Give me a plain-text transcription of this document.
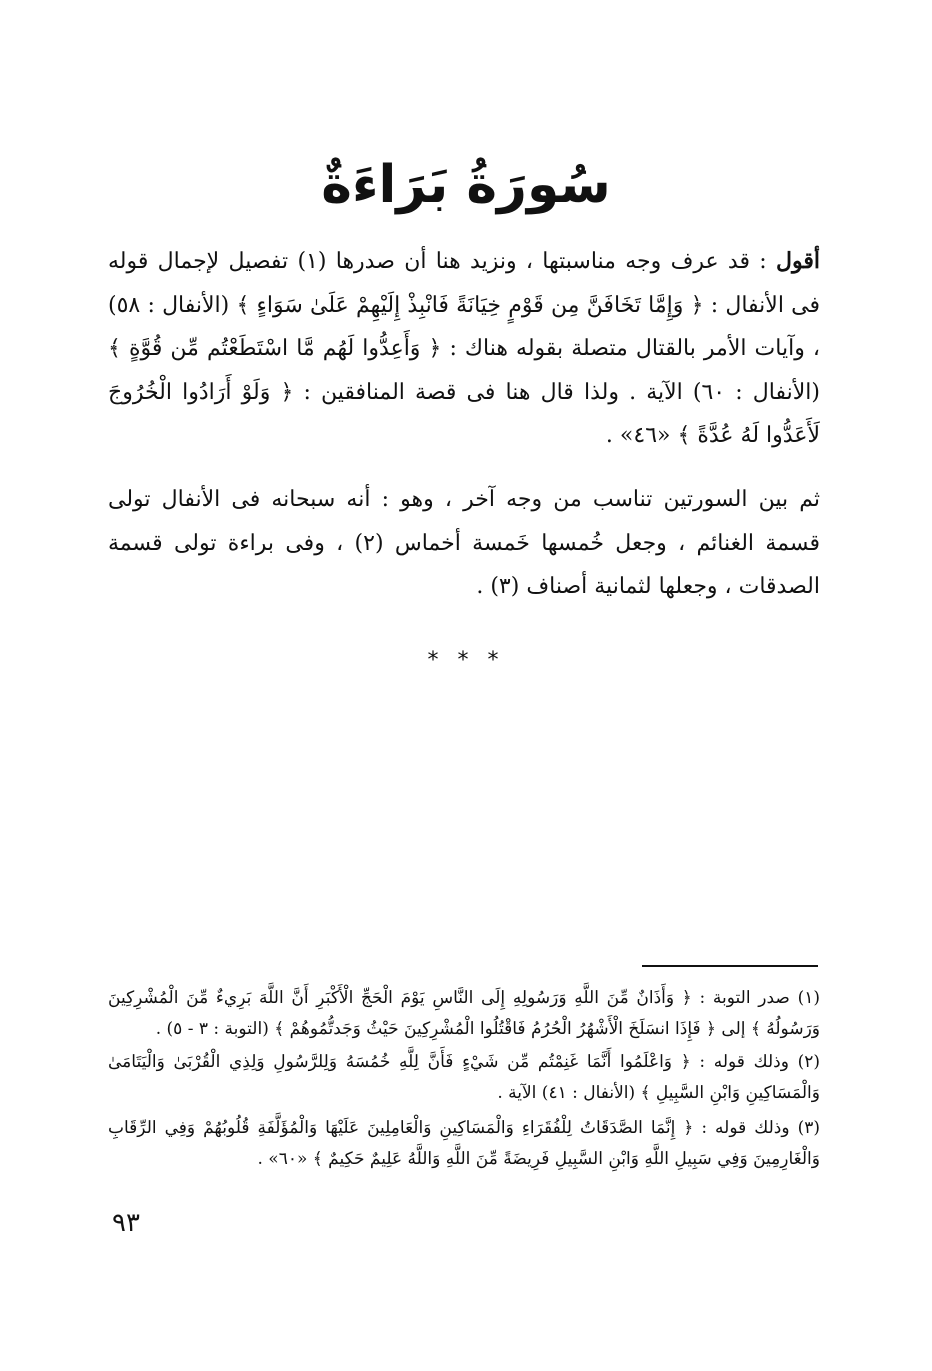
سُورَةُ بَرَاءَةٌ
أقول : قد عرف وجه مناسبتها ، ونزيد هنا أن صدرها (١) تفصيل لإجمال قوله فى الأنفال : ﴿ وَإِمَّا تَخَافَنَّ مِن قَوْمٍ خِيَانَةً فَانْبِذْ إِلَيْهِمْ عَلَىٰ سَوَاءٍ ﴾ (الأنفال : ٥٨) ، وآيات الأمر بالقتال متصلة بقوله هناك : ﴿ وَأَعِدُّوا لَهُم مَّا اسْتَطَعْتُم مِّن قُوَّةٍ ﴾ (الأنفال : ٦٠) الآية . ولذا قال هنا فى قصة المنافقين : ﴿ وَلَوْ أَرَادُوا الْخُرُوجَ لَأَعَدُّوا لَهُ عُدَّةً ﴾ «٤٦» .
ثم بين السورتين تناسب من وجه آخر ، وهو : أنه سبحانه فى الأنفال تولى قسمة الغنائم ، وجعل خُمسها خَمسة أخماس (٢) ، وفى براءة تولى قسمة الصدقات ، وجعلها لثمانية أصناف (٣) .
* * *
(١) صدر التوبة : ﴿ وَأَذَانٌ مِّنَ اللَّهِ وَرَسُولِهِ إِلَى النَّاسِ يَوْمَ الْحَجِّ الْأَكْبَرِ أَنَّ اللَّهَ بَرِيءٌ مِّنَ الْمُشْرِكِينَ وَرَسُولُهُ ﴾ إلى ﴿ فَإِذَا انسَلَخَ الْأَشْهُرُ الْحُرُمُ فَاقْتُلُوا الْمُشْرِكِينَ حَيْثُ وَجَدتُّمُوهُمْ ﴾ (التوبة : ٣ - ٥) .
(٢) وذلك قوله : ﴿ وَاعْلَمُوا أَنَّمَا غَنِمْتُم مِّن شَيْءٍ فَأَنَّ لِلَّهِ خُمُسَهُ وَلِلرَّسُولِ وَلِذِي الْقُرْبَىٰ وَالْيَتَامَىٰ وَالْمَسَاكِينِ وَابْنِ السَّبِيلِ ﴾ (الأنفال : ٤١) الآية .
(٣) وذلك قوله : ﴿ إِنَّمَا الصَّدَقَاتُ لِلْفُقَرَاءِ وَالْمَسَاكِينِ وَالْعَامِلِينَ عَلَيْهَا وَالْمُؤَلَّفَةِ قُلُوبُهُمْ وَفِي الرِّقَابِ وَالْغَارِمِينَ وَفِي سَبِيلِ اللَّهِ وَابْنِ السَّبِيلِ فَرِيضَةً مِّنَ اللَّهِ وَاللَّهُ عَلِيمٌ حَكِيمٌ ﴾ «٦٠» .
٩٣
